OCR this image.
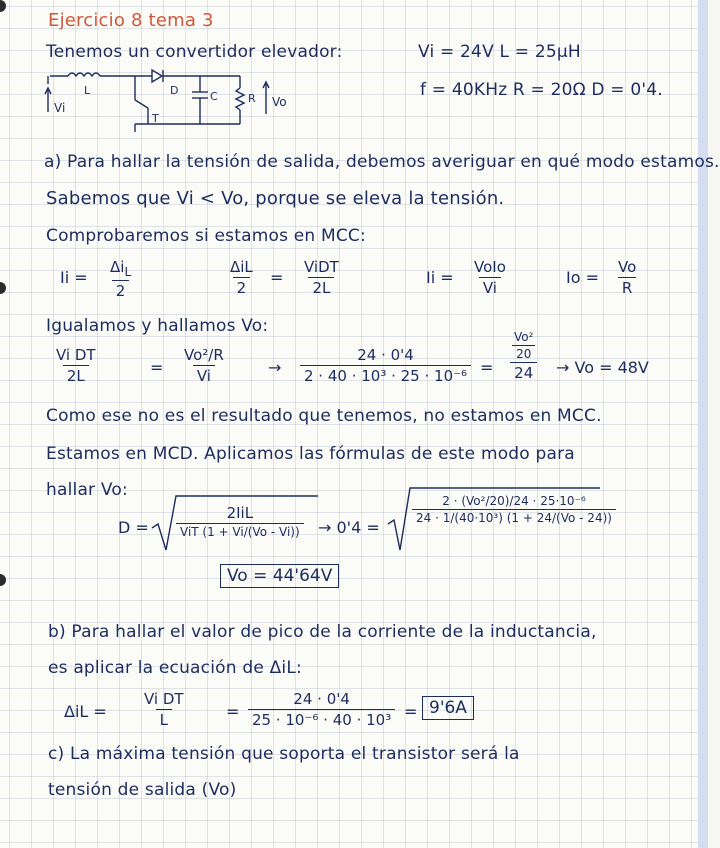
Ejercicio 8 tema 3
Tenemos un convertidor elevador:	Vi = 24V L = 25μH
f = 40KHz R = 20Ω D = 0'4.
Vi
L	D
T
C	R Vo
a) Para hallar la tensión de salida, debemos averiguar en qué modo estamos.
Sabemos que Vi < Vo, porque se eleva la tensión.
Comprobaremos si estamos en MCC:
Ii =
$\Delta i_L$
2
ΔiL
2
=
ViDT
2L
Ii =
VoIo
Vi
$Io = \frac{Vo}{R}$
Igualamos y hallamos Vo:
$\frac{\text{Vi DT}}{2L}$	= $\frac{\text{Vo²/R}}{Vi}$	→ $\frac{24 \cdot 0'4}{\text{2 · 40 · 10³ · 25 · 10⁻⁶}} = Vo^2$
20
24 → Vo = 48V
Como ese no es el resultado que tenemos, no estamos en MCC.
Estamos en MCD. Aplicamos las fórmulas de este modo para
hallar Vo:
D =
2IiL
ViT (1 + Vi/(Vo - Vi)) → 0'4 =
$\frac{\text{2 · (Vo²/20)/24 · 25·10⁻⁶}}{\text{24 · 1/(40·10³) (1 + 24/(Vo - 24))}}$
Vo = 44'64V
b) Para hallar el valor de pico de la corriente de la inductancia,
es aplicar la ecuación de ΔiL:
$\Delta iL = \frac{\text{Vi DT}}{L} = \frac{24 \cdot 0'4}{\text{25 · 10⁻⁶ · 40 · 10³}} = 9'6A$
c) La máxima tensión que soporta el transistor será la
tensión de salida (Vo)
